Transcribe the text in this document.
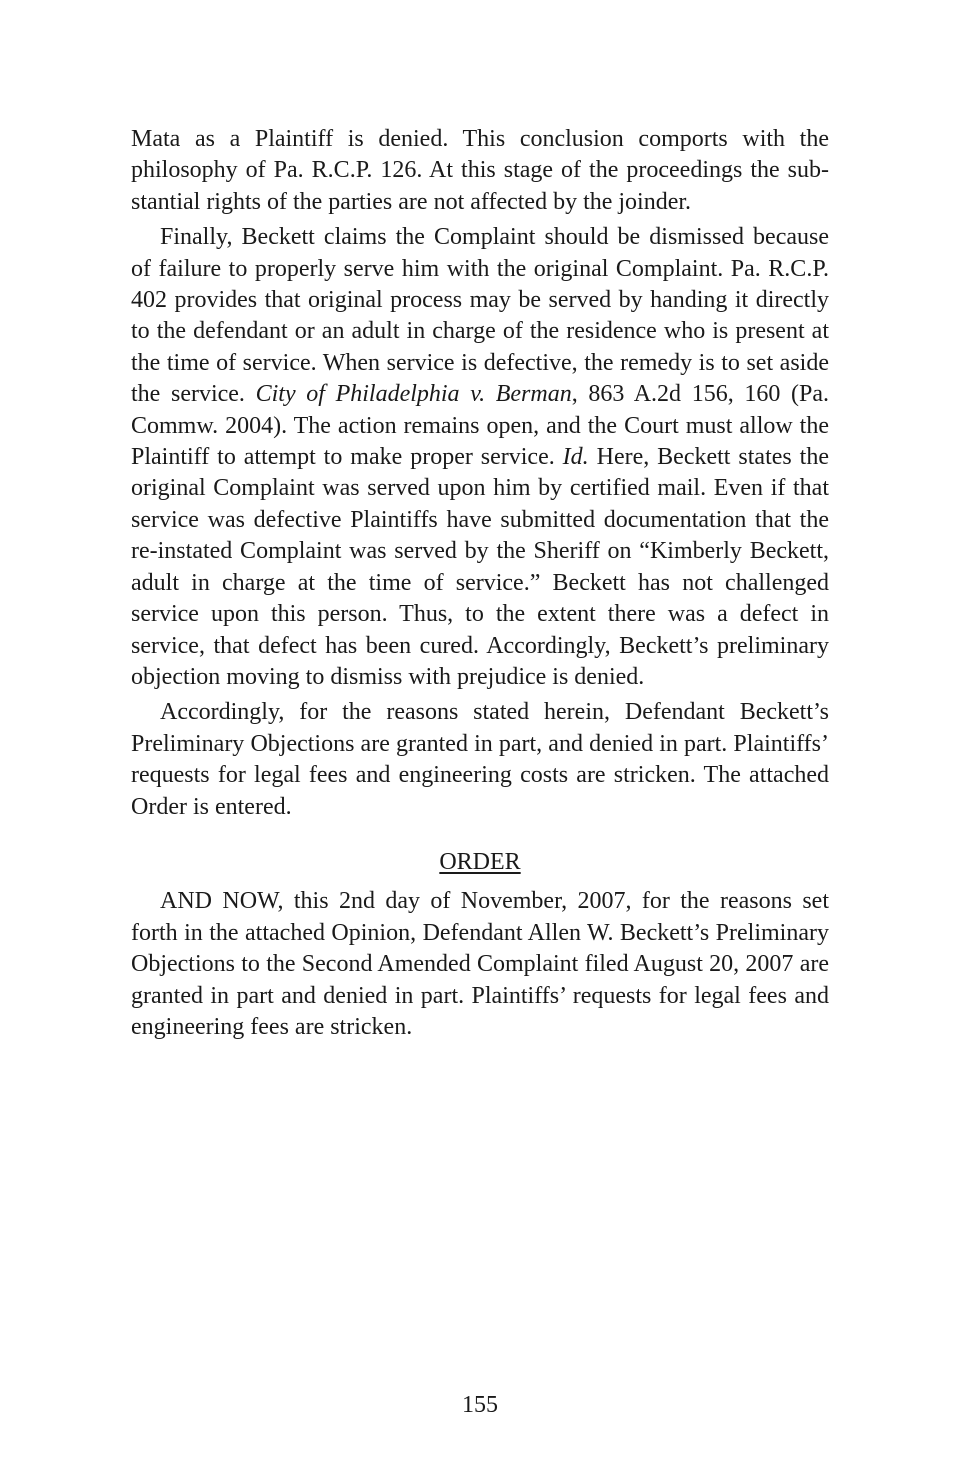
Mata as a Plaintiff is denied. This conclusion comports with the philosophy of Pa. R.C.P. 126. At this stage of the proceedings the substantial rights of the parties are not affected by the joinder.

Finally, Beckett claims the Complaint should be dismissed because of failure to properly serve him with the original Complaint. Pa. R.C.P. 402 provides that original process may be served by handing it directly to the defendant or an adult in charge of the residence who is present at the time of service. When service is defective, the remedy is to set aside the service. City of Philadelphia v. Berman, 863 A.2d 156, 160 (Pa. Commw. 2004). The action remains open, and the Court must allow the Plaintiff to attempt to make proper service. Id. Here, Beckett states the original Complaint was served upon him by certified mail. Even if that service was defective Plaintiffs have submitted documentation that the re-instated Complaint was served by the Sheriff on “Kimberly Beckett, adult in charge at the time of service.” Beckett has not challenged service upon this person. Thus, to the extent there was a defect in service, that defect has been cured. Accordingly, Beckett’s preliminary objection moving to dismiss with prejudice is denied.

Accordingly, for the reasons stated herein, Defendant Beckett’s Preliminary Objections are granted in part, and denied in part. Plaintiffs’ requests for legal fees and engineering costs are stricken. The attached Order is entered.

ORDER

AND NOW, this 2nd day of November, 2007, for the reasons set forth in the attached Opinion, Defendant Allen W. Beckett’s Preliminary Objections to the Second Amended Complaint filed August 20, 2007 are granted in part and denied in part. Plaintiffs’ requests for legal fees and engineering fees are stricken.

155
